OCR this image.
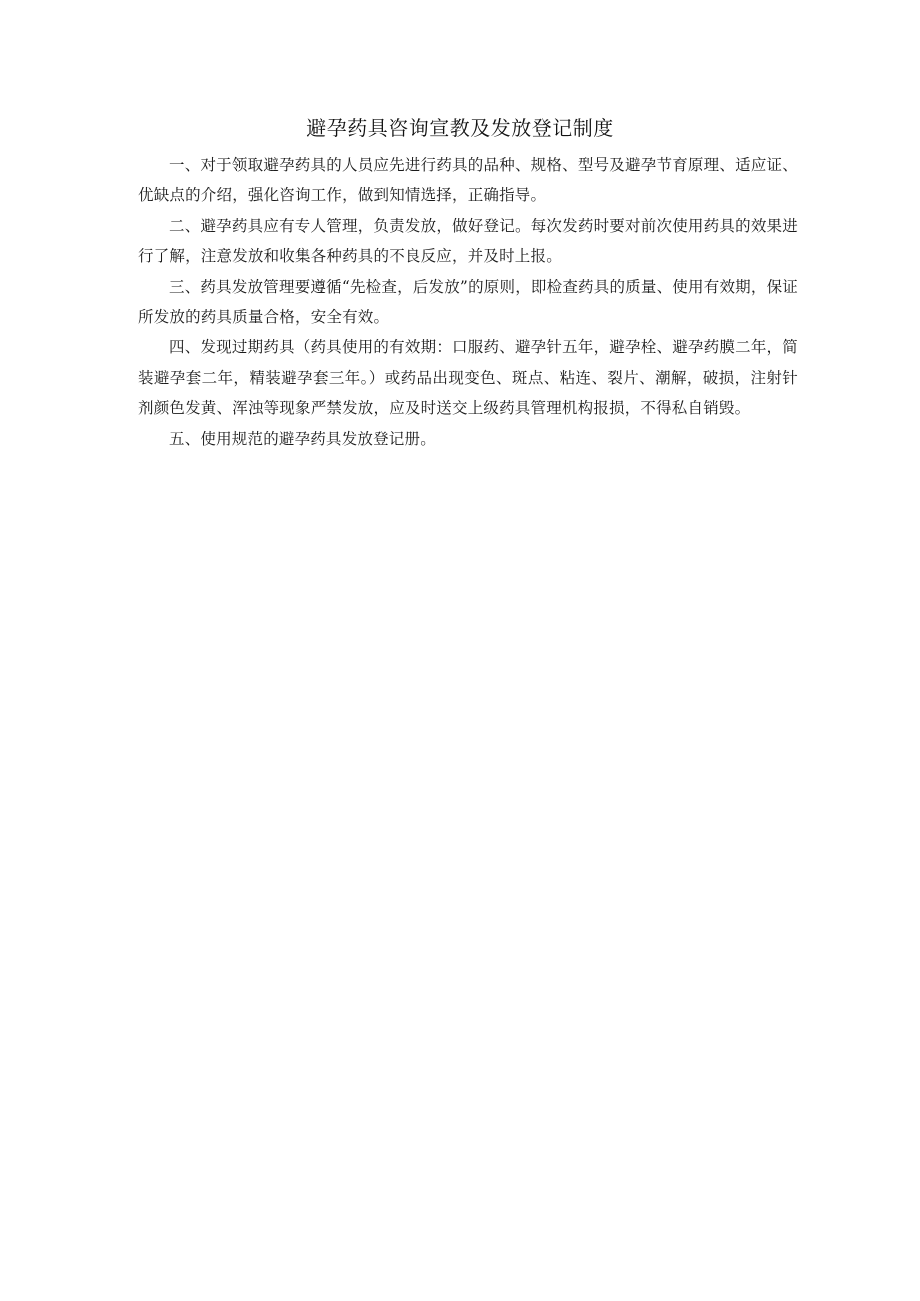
避孕药具咨询宣教及发放登记制度

一、对于领取避孕药具的人员应先进行药具的品种、规格、型号及避孕节育原理、适应证、优缺点的介绍，强化咨询工作，做到知情选择，正确指导。

二、避孕药具应有专人管理，负责发放，做好登记。每次发药时要对前次使用药具的效果进行了解，注意发放和收集各种药具的不良反应，并及时上报。

三、药具发放管理要遵循“先检查，后发放”的原则，即检查药具的质量、使用有效期，保证所发放的药具质量合格，安全有效。

四、发现过期药具（药具使用的有效期：口服药、避孕针五年，避孕栓、避孕药膜二年，简装避孕套二年，精装避孕套三年。）或药品出现变色、斑点、粘连、裂片、潮解，破损，注射针剂颜色发黄、浑浊等现象严禁发放，应及时送交上级药具管理机构报损，不得私自销毁。

五、使用规范的避孕药具发放登记册。
